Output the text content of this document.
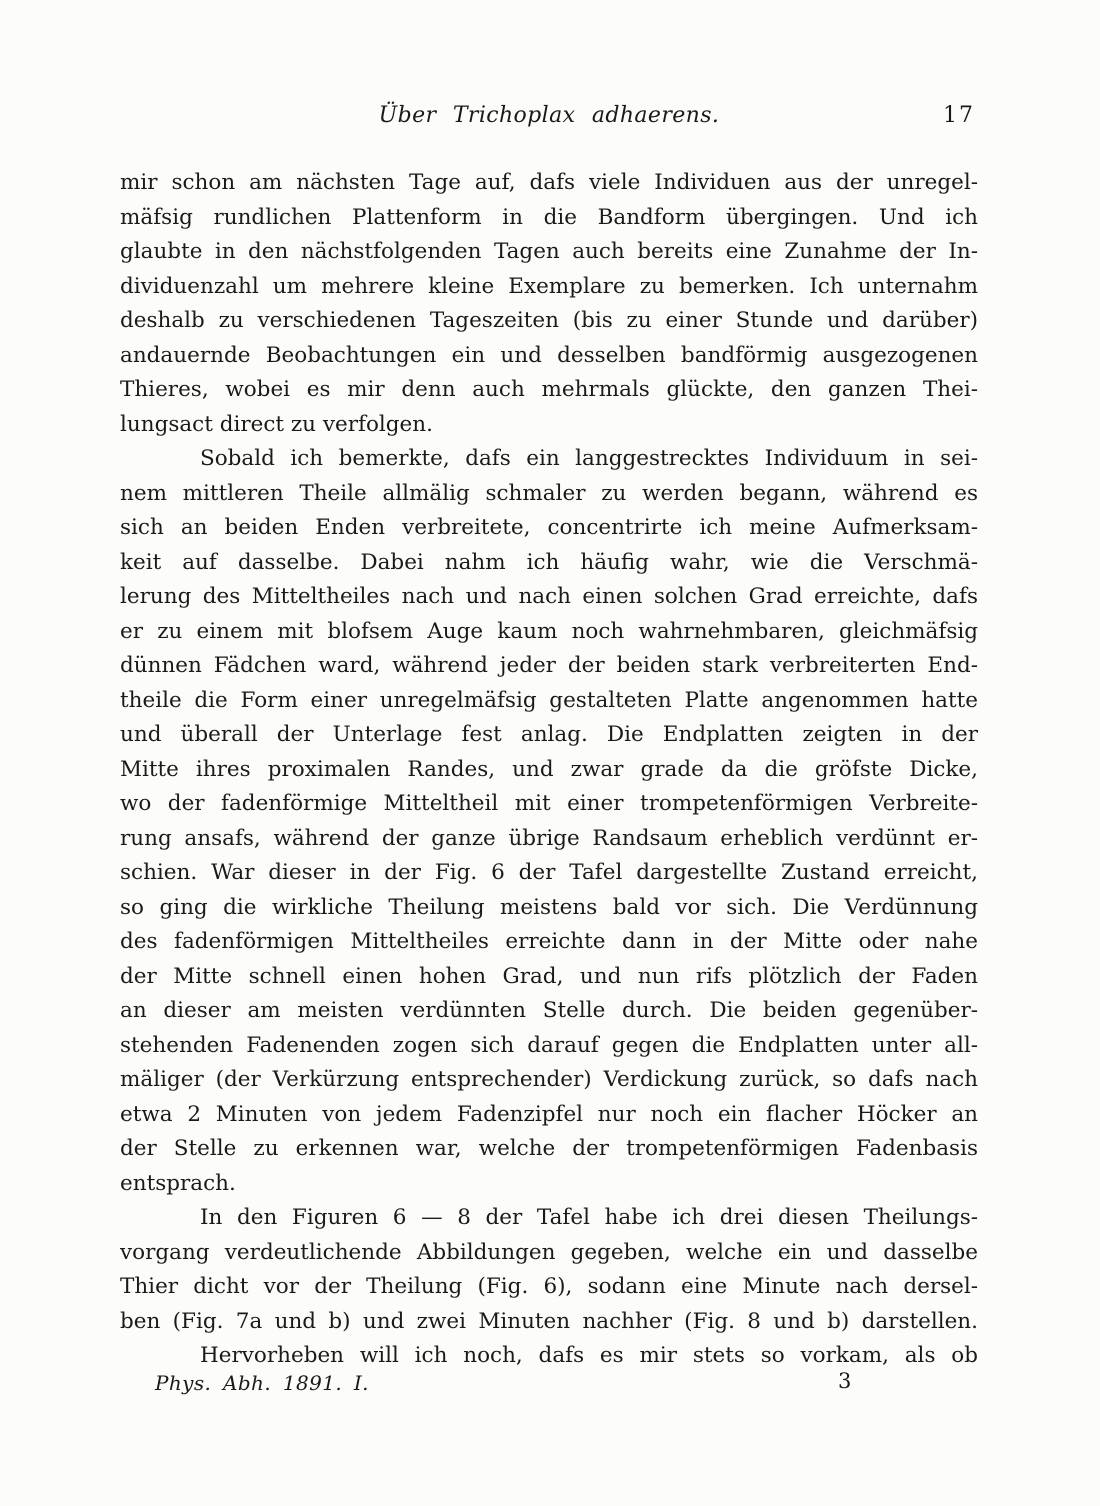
Über Trichoplax adhaerens.	17
mir schon am nächsten Tage auf, dafs viele Individuen aus der unregel-
mäfsig rundlichen Plattenform in die Bandform übergingen. Und ich
glaubte in den nächstfolgenden Tagen auch bereits eine Zunahme der In-
dividuenzahl um mehrere kleine Exemplare zu bemerken. Ich unternahm
deshalb zu verschiedenen Tageszeiten (bis zu einer Stunde und darüber)
andauernde Beobachtungen ein und desselben bandförmig ausgezogenen
Thieres, wobei es mir denn auch mehrmals glückte, den ganzen Thei-
lungsact direct zu verfolgen.
Sobald ich bemerkte, dafs ein langgestrecktes Individuum in sei-
nem mittleren Theile allmälig schmaler zu werden begann, während es
sich an beiden Enden verbreitete, concentrirte ich meine Aufmerksam-
keit auf dasselbe. Dabei nahm ich häufig wahr, wie die Verschmä-
lerung des Mitteltheiles nach und nach einen solchen Grad erreichte, dafs
er zu einem mit blofsem Auge kaum noch wahrnehmbaren, gleichmäfsig
dünnen Fädchen ward, während jeder der beiden stark verbreiterten End-
theile die Form einer unregelmäfsig gestalteten Platte angenommen hatte
und überall der Unterlage fest anlag. Die Endplatten zeigten in der
Mitte ihres proximalen Randes, und zwar grade da die gröfste Dicke,
wo der fadenförmige Mitteltheil mit einer trompetenförmigen Verbreite-
rung ansafs, während der ganze übrige Randsaum erheblich verdünnt er-
schien. War dieser in der Fig. 6 der Tafel dargestellte Zustand erreicht,
so ging die wirkliche Theilung meistens bald vor sich. Die Verdünnung
des fadenförmigen Mitteltheiles erreichte dann in der Mitte oder nahe
der Mitte schnell einen hohen Grad, und nun rifs plötzlich der Faden
an dieser am meisten verdünnten Stelle durch. Die beiden gegenüber-
stehenden Fadenenden zogen sich darauf gegen die Endplatten unter all-
mäliger (der Verkürzung entsprechender) Verdickung zurück, so dafs nach
etwa 2 Minuten von jedem Fadenzipfel nur noch ein flacher Höcker an
der Stelle zu erkennen war, welche der trompetenförmigen Fadenbasis
entsprach.
In den Figuren 6 — 8 der Tafel habe ich drei diesen Theilungs-
vorgang verdeutlichende Abbildungen gegeben, welche ein und dasselbe
Thier dicht vor der Theilung (Fig. 6), sodann eine Minute nach dersel-
ben (Fig. 7a und b) und zwei Minuten nachher (Fig. 8 und b) darstellen.
Hervorheben will ich noch, dafs es mir stets so vorkam, als ob
Phys. Abh. 1891. I.	3
